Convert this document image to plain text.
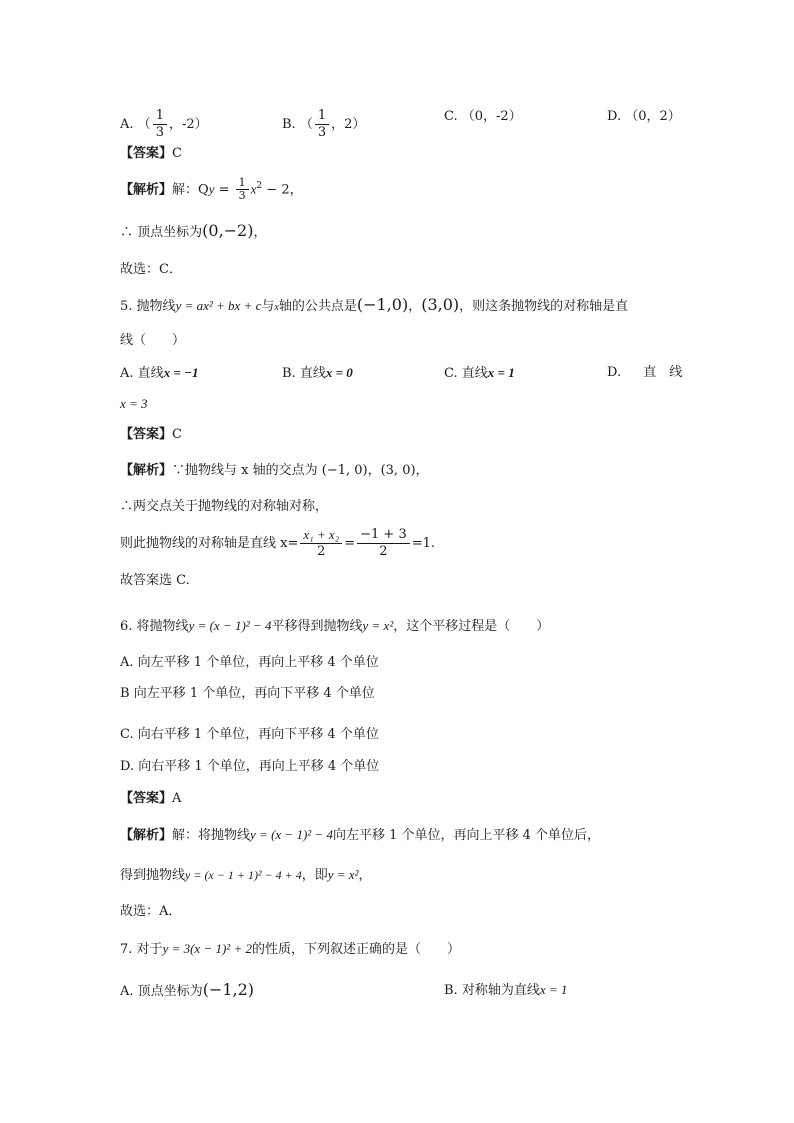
A. （ $\frac{1}{3}$ ，-2）	B. （ $\frac{1}{3}$ ，2）
C. （0，-2）	D. （0，2）
【答案】C
【解析】解：$Qy = \frac{1}{3} x^2 - 2$，
∴ 顶点坐标为(0,−2)，
故选：C．
5. 抛物线y = ax² + bx + c与x轴的公共点是(−1,0)，(3,0)，则这条抛物线的对称轴是直
线（　　）
A. 直线x = −1	B. 直线x = 0	C. 直线x = 1	D. 直　线
x = 3
【答案】C
【解析】∵抛物线与 x 轴的交点为 (−1, 0)，(3, 0)，
∴两交点关于抛物线的对称轴对称，
则此抛物线的对称轴是直线 $x= \frac{\text{x₁ + x₂}}{2} = \frac{-1 + 3}{2} =1$.
故答案选 C.
6. 将抛物线y = (x − 1)² − 4平移得到抛物线y = x²，这个平移过程是（　　）
A. 向左平移 1 个单位，再向上平移 4 个单位
B 向左平移 1 个单位，再向下平移 4 个单位
C. 向右平移 1 个单位，再向下平移 4 个单位
D. 向右平移 1 个单位，再向上平移 4 个单位
【答案】A
【解析】解：将抛物线y = (x − 1)² − 4向左平移 1 个单位，再向上平移 4 个单位后，
得到抛物线y = (x − 1 + 1)² − 4 + 4，即y = x²，
故选：A．
7. 对于y = 3(x − 1)² + 2的性质，下列叙述正确的是（　　）
A. 顶点坐标为(−1,2)	B. 对称轴为直线x = 1
